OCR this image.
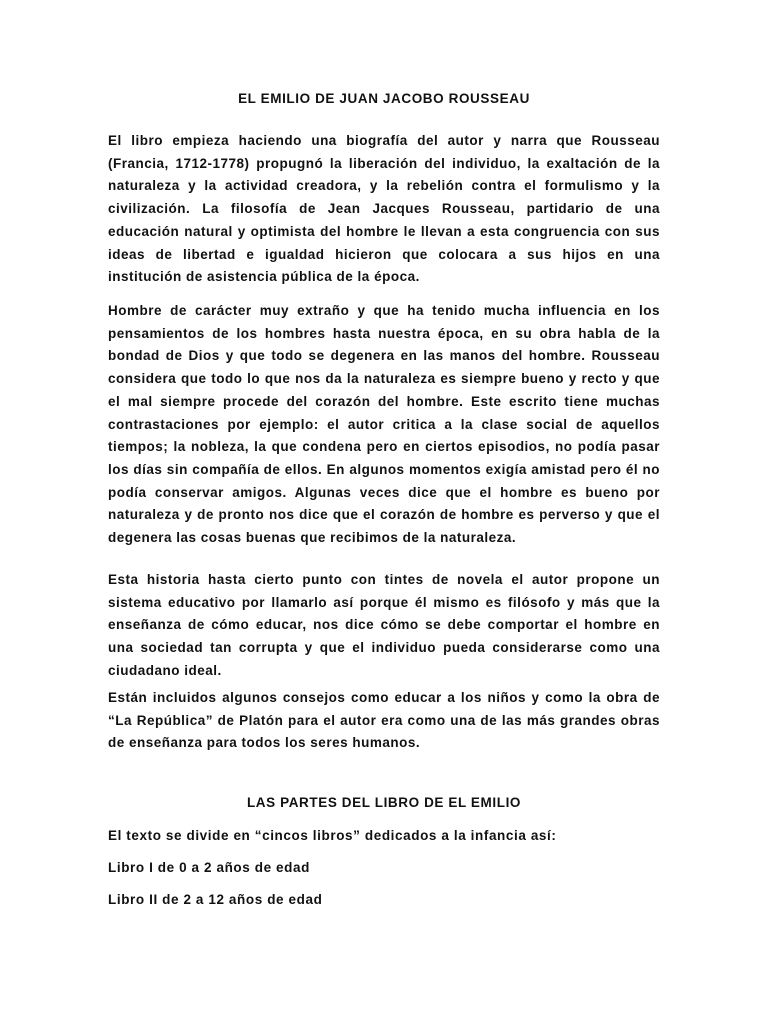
EL EMILIO DE JUAN JACOBO ROUSSEAU

El libro empieza haciendo una biografía del autor y narra que Rousseau (Francia, 1712-1778) propugnó la liberación del individuo, la exaltación de la naturaleza y la actividad creadora, y la rebelión contra el formulismo y la civilización. La filosofía de Jean Jacques Rousseau, partidario de una educación natural y optimista del hombre le llevan a esta congruencia con sus ideas de libertad e igualdad hicieron que colocara a sus hijos en una institución de asistencia pública de la época.

Hombre de carácter muy extraño y que ha tenido mucha influencia en los pensamientos de los hombres hasta nuestra época, en su obra habla de la bondad de Dios y que todo se degenera en las manos del hombre. Rousseau considera que todo lo que nos da la naturaleza es siempre bueno y recto y que el mal siempre procede del corazón del hombre. Este escrito tiene muchas contrastaciones por ejemplo: el autor critica a la clase social de aquellos tiempos; la nobleza, la que condena pero en ciertos episodios, no podía pasar los días sin compañía de ellos. En algunos momentos exigía amistad pero él no podía conservar amigos. Algunas veces dice que el hombre es bueno por naturaleza y de pronto nos dice que el corazón de hombre es perverso y que el degenera las cosas buenas que recibimos de la naturaleza.

Esta historia hasta cierto punto con tintes de novela el autor propone un sistema educativo por llamarlo así porque él mismo es filósofo y más que la enseñanza de cómo educar, nos dice cómo se debe comportar el hombre en una sociedad tan corrupta y que el individuo pueda considerarse como una ciudadano ideal.

Están incluidos algunos consejos como educar a los niños y como la obra de “La República” de Platón para el autor era como una de las más grandes obras de enseñanza para todos los seres humanos.

LAS PARTES DEL LIBRO DE EL EMILIO

El texto se divide en “cincos libros” dedicados a la infancia así:

Libro I de 0 a 2 años de edad

Libro II de 2 a 12 años de edad
